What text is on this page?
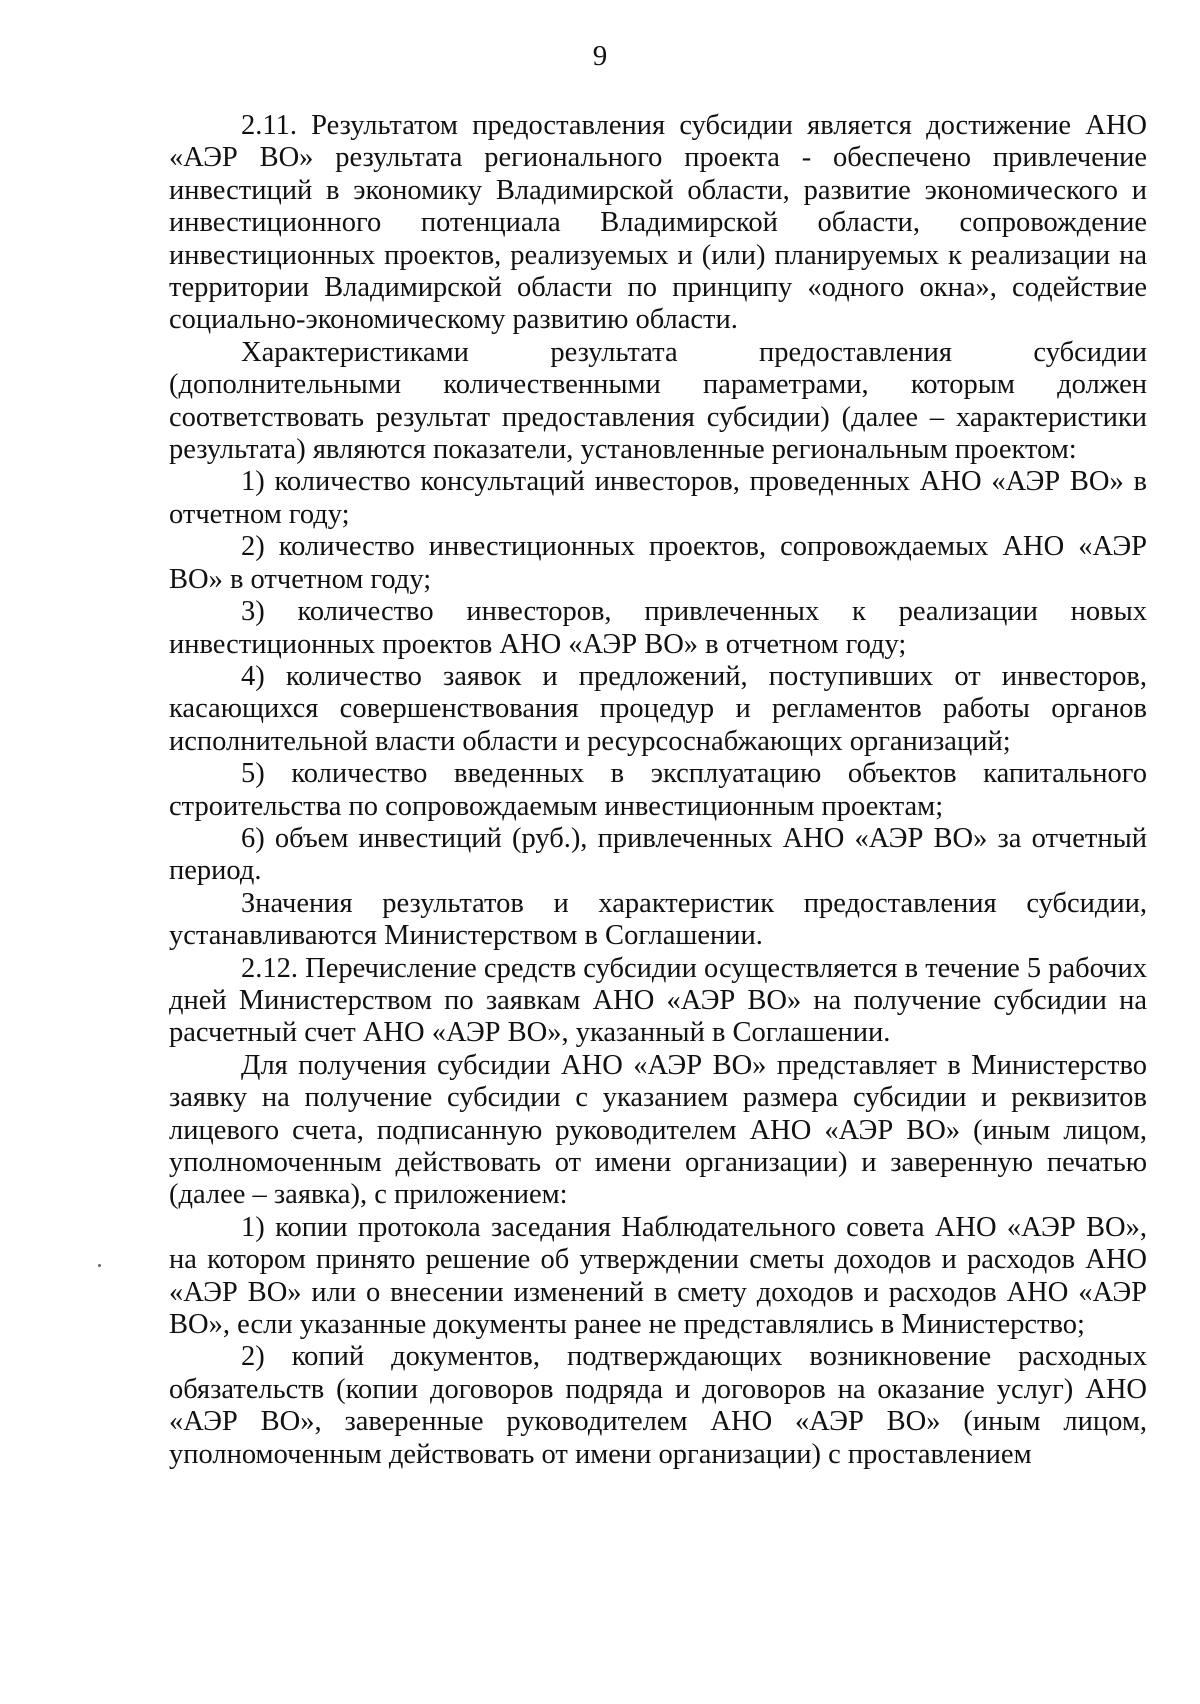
9

2.11. Результатом предоставления субсидии является достижение АНО «АЭР ВО» результата регионального проекта - обеспечено привлечение инвестиций в экономику Владимирской области, развитие экономического и инвестиционного потенциала Владимирской области, сопровождение инвестиционных проектов, реализуемых и (или) планируемых к реализации на территории Владимирской области по принципу «одного окна», содействие социально-экономическому развитию области.

Характеристиками результата предоставления субсидии (дополнительными количественными параметрами, которым должен соответствовать результат предоставления субсидии) (далее – характеристики результата) являются показатели, установленные региональным проектом:

1) количество консультаций инвесторов, проведенных АНО «АЭР ВО» в отчетном году;

2) количество инвестиционных проектов, сопровождаемых АНО «АЭР ВО» в отчетном году;

3) количество инвесторов, привлеченных к реализации новых инвестиционных проектов АНО «АЭР ВО» в отчетном году;

4) количество заявок и предложений, поступивших от инвесторов, касающихся совершенствования процедур и регламентов работы органов исполнительной власти области и ресурсоснабжающих организаций;

5) количество введенных в эксплуатацию объектов капитального строительства по сопровождаемым инвестиционным проектам;

6) объем инвестиций (руб.), привлеченных АНО «АЭР ВО» за отчетный период.

Значения результатов и характеристик предоставления субсидии, устанавливаются Министерством в Соглашении.

2.12. Перечисление средств субсидии осуществляется в течение 5 рабочих дней Министерством по заявкам АНО «АЭР ВО» на получение субсидии на расчетный счет АНО «АЭР ВО», указанный в Соглашении.

Для получения субсидии АНО «АЭР ВО» представляет в Министерство заявку на получение субсидии с указанием размера субсидии и реквизитов лицевого счета, подписанную руководителем АНО «АЭР ВО» (иным лицом, уполномоченным действовать от имени организации) и заверенную печатью (далее – заявка), с приложением:

1) копии протокола заседания Наблюдательного совета АНО «АЭР ВО», на котором принято решение об утверждении сметы доходов и расходов АНО «АЭР ВО» или о внесении изменений в смету доходов и расходов АНО «АЭР ВО», если указанные документы ранее не представлялись в Министерство;

2) копий документов, подтверждающих возникновение расходных обязательств (копии договоров подряда и договоров на оказание услуг) АНО «АЭР ВО», заверенные руководителем АНО «АЭР ВО» (иным лицом, уполномоченным действовать от имени организации) с проставлением
